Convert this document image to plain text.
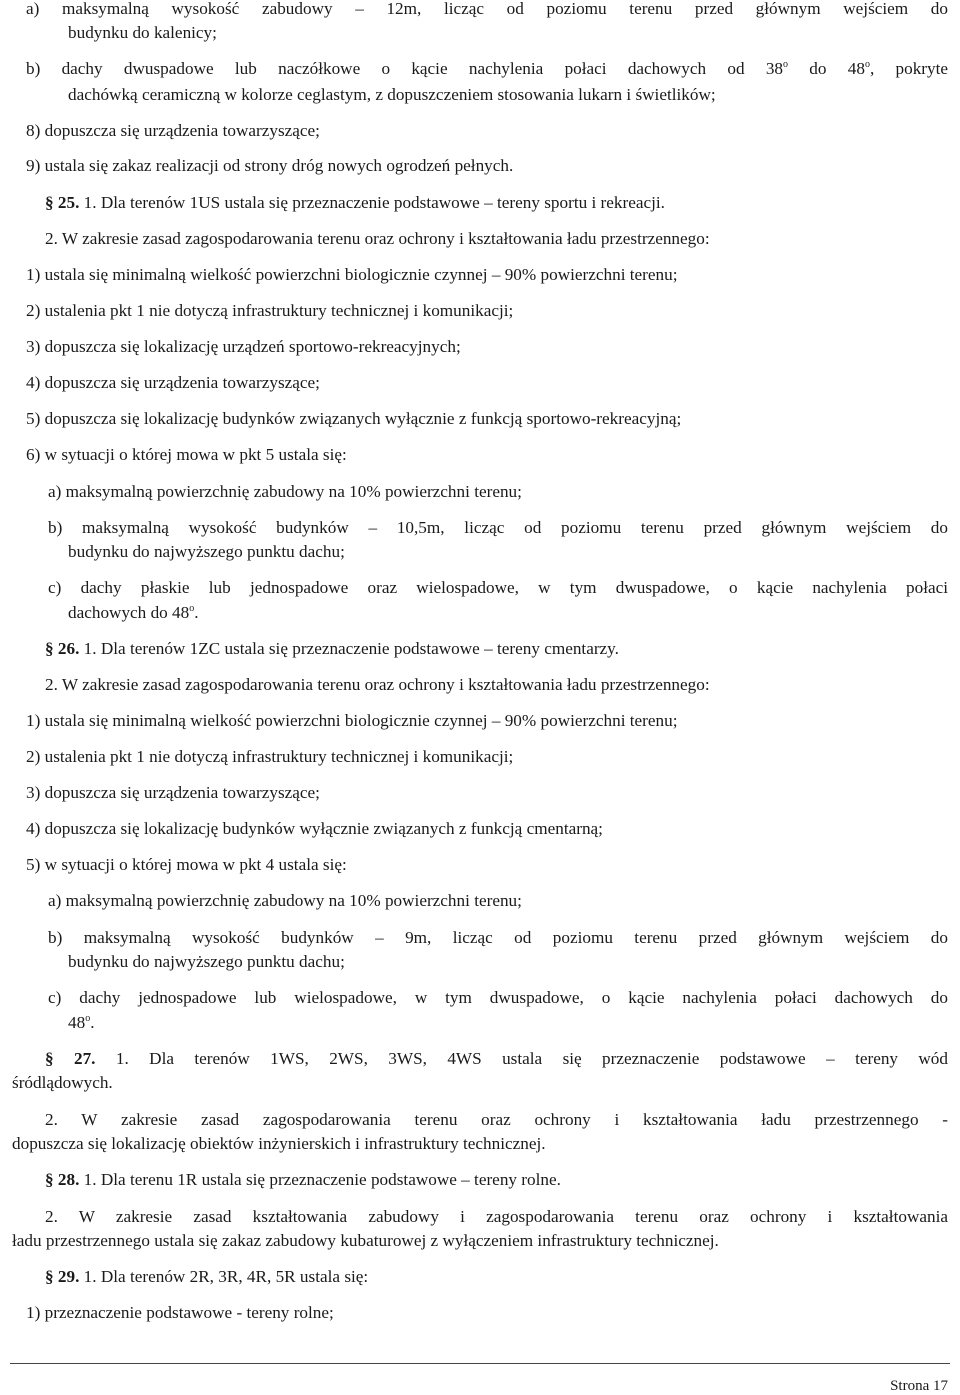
a) maksymalną wysokość zabudowy – 12m, licząc od poziomu terenu przed głównym wejściem do
budynku do kalenicy;
b) dachy dwuspadowe lub naczółkowe o kącie nachylenia połaci dachowych od 38$^o$ do 48$^o$, pokryte
dachówką ceramiczną w kolorze ceglastym, z dopuszczeniem stosowania lukarn i świetlików;
8) dopuszcza się urządzenia towarzyszące;
9) ustala się zakaz realizacji od strony dróg nowych ogrodzeń pełnych.
§ 25. 1. Dla terenów 1US ustala się przeznaczenie podstawowe – tereny sportu i rekreacji.
2. W zakresie zasad zagospodarowania terenu oraz ochrony i kształtowania ładu przestrzennego:
1) ustala się minimalną wielkość powierzchni biologicznie czynnej – 90% powierzchni terenu;
2) ustalenia pkt 1 nie dotyczą infrastruktury technicznej i komunikacji;
3) dopuszcza się lokalizację urządzeń sportowo-rekreacyjnych;
4) dopuszcza się urządzenia towarzyszące;
5) dopuszcza się lokalizację budynków związanych wyłącznie z funkcją sportowo-rekreacyjną;
6) w sytuacji o której mowa w pkt 5 ustala się:
a) maksymalną powierzchnię zabudowy na 10% powierzchni terenu;
b) maksymalną wysokość budynków – 10,5m, licząc od poziomu terenu przed głównym wejściem do
budynku do najwyższego punktu dachu;
c) dachy płaskie lub jednospadowe oraz wielospadowe, w tym dwuspadowe, o kącie nachylenia połaci
dachowych do 48$^o$.
§ 26. 1. Dla terenów 1ZC ustala się przeznaczenie podstawowe – tereny cmentarzy.
2. W zakresie zasad zagospodarowania terenu oraz ochrony i kształtowania ładu przestrzennego:
1) ustala się minimalną wielkość powierzchni biologicznie czynnej – 90% powierzchni terenu;
2) ustalenia pkt 1 nie dotyczą infrastruktury technicznej i komunikacji;
3) dopuszcza się urządzenia towarzyszące;
4) dopuszcza się lokalizację budynków wyłącznie związanych z funkcją cmentarną;
5) w sytuacji o której mowa w pkt 4 ustala się:
a) maksymalną powierzchnię zabudowy na 10% powierzchni terenu;
b) maksymalną wysokość budynków – 9m, licząc od poziomu terenu przed głównym wejściem do
budynku do najwyższego punktu dachu;
c) dachy jednospadowe lub wielospadowe, w tym dwuspadowe, o kącie nachylenia połaci dachowych do
48$^o$.
§ 27. 1. Dla terenów 1WS, 2WS, 3WS, 4WS ustala się przeznaczenie podstawowe – tereny wód
śródlądowych.
2. W zakresie zasad zagospodarowania terenu oraz ochrony i kształtowania ładu przestrzennego -
dopuszcza się lokalizację obiektów inżynierskich i infrastruktury technicznej.
§ 28. 1. Dla terenu 1R ustala się przeznaczenie podstawowe – tereny rolne.
2. W zakresie zasad kształtowania zabudowy i zagospodarowania terenu oraz ochrony i kształtowania
ładu przestrzennego ustala się zakaz zabudowy kubaturowej z wyłączeniem infrastruktury technicznej.
§ 29. 1. Dla terenów 2R, 3R, 4R, 5R ustala się:
1) przeznaczenie podstawowe - tereny rolne;
Strona 17
